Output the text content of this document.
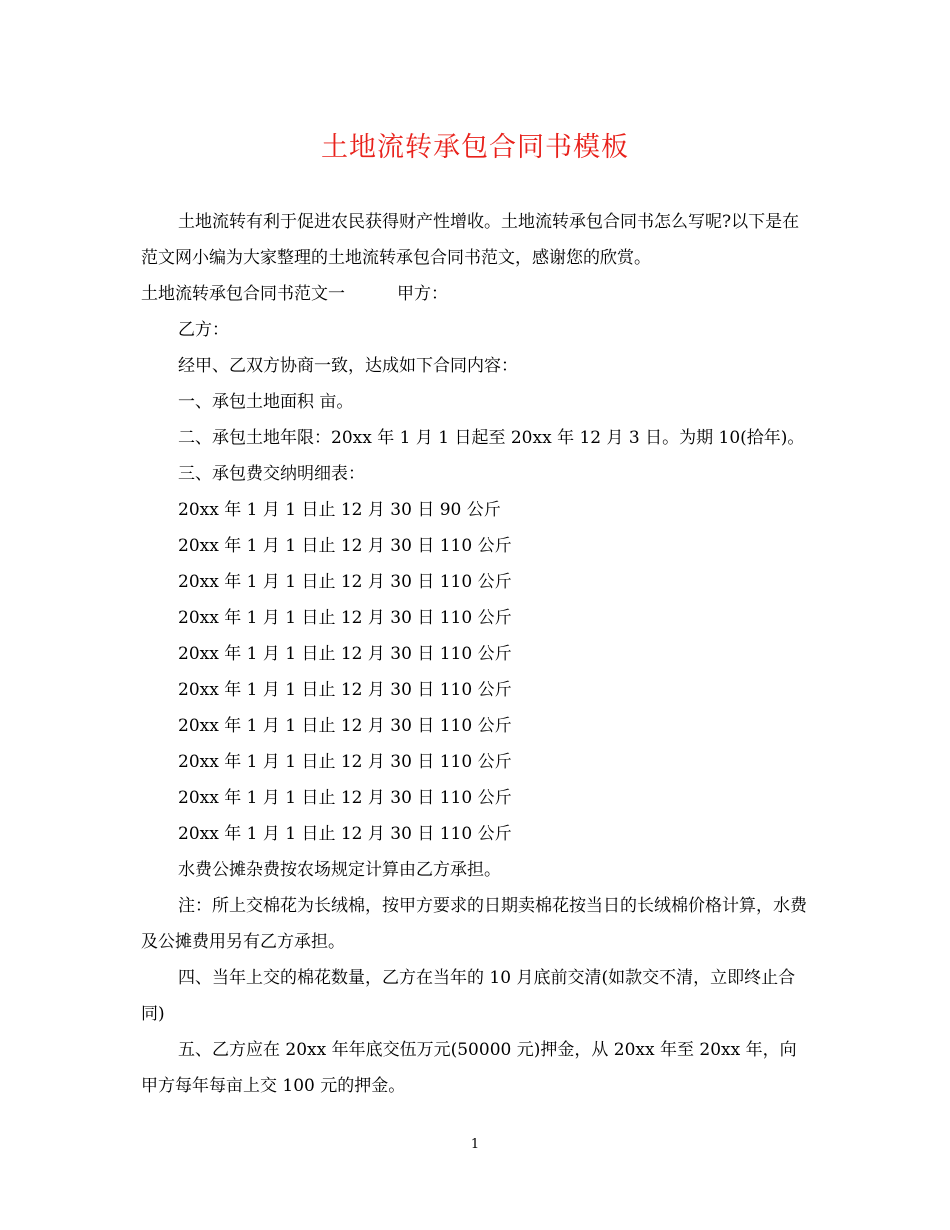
土地流转承包合同书模板

土地流转有利于促进农民获得财产性增收。土地流转承包合同书怎么写呢?以下是在范文网小编为大家整理的土地流转承包合同书范文，感谢您的欣赏。

土地流转承包合同书范文一	甲方：

乙方：

经甲、乙双方协商一致，达成如下合同内容：

一、承包土地面积 亩。

二、承包土地年限：20xx 年 1 月 1 日起至 20xx 年 12 月 3 日。为期 10(拾年)。

三、承包费交纳明细表：

20xx 年 1 月 1 日止 12 月 30 日 90 公斤

20xx 年 1 月 1 日止 12 月 30 日 110 公斤

20xx 年 1 月 1 日止 12 月 30 日 110 公斤

20xx 年 1 月 1 日止 12 月 30 日 110 公斤

20xx 年 1 月 1 日止 12 月 30 日 110 公斤

20xx 年 1 月 1 日止 12 月 30 日 110 公斤

20xx 年 1 月 1 日止 12 月 30 日 110 公斤

20xx 年 1 月 1 日止 12 月 30 日 110 公斤

20xx 年 1 月 1 日止 12 月 30 日 110 公斤

20xx 年 1 月 1 日止 12 月 30 日 110 公斤

水费公摊杂费按农场规定计算由乙方承担。

注：所上交棉花为长绒棉，按甲方要求的日期卖棉花按当日的长绒棉价格计算，水费及公摊费用另有乙方承担。

四、当年上交的棉花数量，乙方在当年的 10 月底前交清(如款交不清，立即终止合同)

五、乙方应在 20xx 年年底交伍万元(50000 元)押金，从 20xx 年至 20xx 年，向甲方每年每亩上交 100 元的押金。

1
